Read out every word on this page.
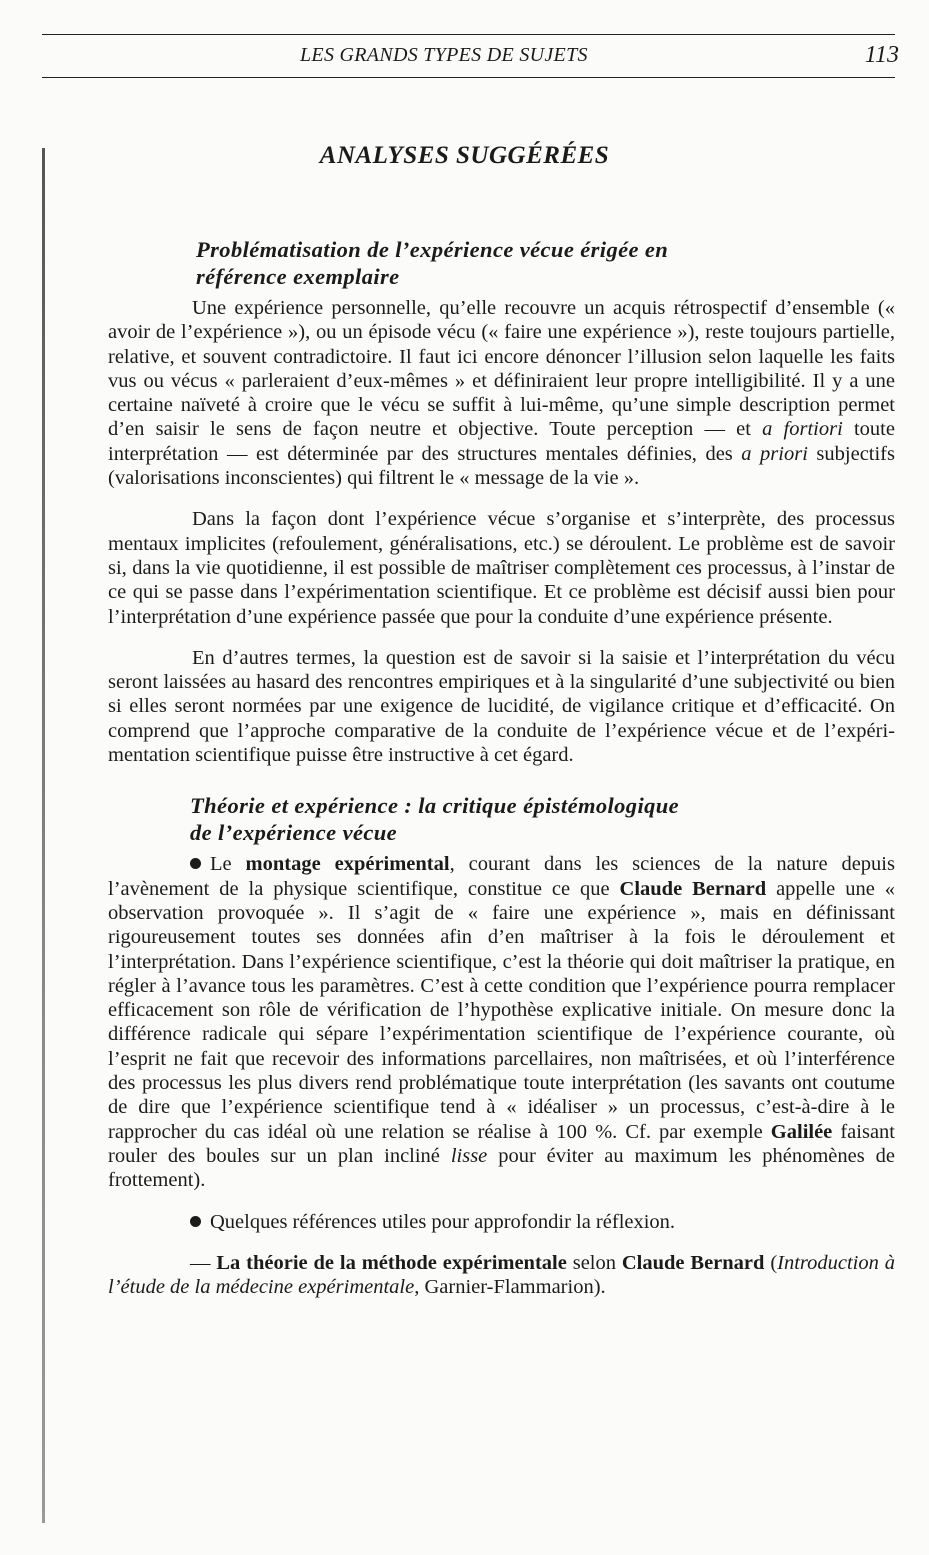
LES GRANDS TYPES DE SUJETS	113
ANALYSES SUGGÉRÉES
Problématisation de l’expérience vécue érigée en
référence exemplaire

Une expérience personnelle, qu’elle recouvre un acquis rétrospectif d’ensemble (« avoir de l’expérience »), ou un épisode vécu (« faire une expérience »), reste toujours partielle, relative, et souvent contradictoire. Il faut ici encore dénoncer l’illusion selon laquelle les faits vus ou vécus « parleraient d’eux-mêmes » et définiraient leur propre intelligibilité. Il y a une certaine naïveté à croire que le vécu se suffit à lui-même, qu’une simple description permet d’en saisir le sens de façon neutre et objective. Toute perception — et a fortiori toute interprétation — est déterminée par des structures mentales définies, des a priori subjectifs (valorisations inconscientes) qui filtrent le « message de la vie ».

Dans la façon dont l’expérience vécue s’organise et s’interprète, des processus mentaux implicites (refoulement, généralisations, etc.) se déroulent. Le problème est de savoir si, dans la vie quotidienne, il est possible de maîtriser complètement ces processus, à l’instar de ce qui se passe dans l’expérimentation scientifique. Et ce problème est décisif aussi bien pour l’interprétation d’une expérience passée que pour la conduite d’une expérience présente.

En d’autres termes, la question est de savoir si la saisie et l’interprétation du vécu seront laissées au hasard des rencontres empiriques et à la singularité d’une subjectivité ou bien si elles seront normées par une exigence de lucidité, de vigilance critique et d’efficacité. On comprend que l’approche comparative de la conduite de l’expérience vécue et de l’expérimentation scientifique puisse être instructive à cet égard.

Théorie et expérience : la critique épistémologique
de l’expérience vécue

Le montage expérimental, courant dans les sciences de la nature depuis l’avènement de la physique scientifique, constitue ce que Claude Bernard appelle une « observation provoquée ». Il s’agit de « faire une expérience », mais en définissant rigoureusement toutes ses données afin d’en maîtriser à la fois le déroulement et l’interprétation. Dans l’expérience scientifique, c’est la théorie qui doit maîtriser la pratique, en régler à l’avance tous les paramètres. C’est à cette condition que l’expérience pourra remplacer efficacement son rôle de vérification de l’hypothèse explicative initiale. On mesure donc la différence radicale qui sépare l’expérimentation scientifique de l’expérience courante, où l’esprit ne fait que recevoir des informations parcellaires, non maîtrisées, et où l’interférence des processus les plus divers rend problématique toute interprétation (les savants ont coutume de dire que l’expérience scientifique tend à « idéaliser » un processus, c’est-à-dire à le rapprocher du cas idéal où une relation se réalise à 100 %. Cf. par exemple Galilée faisant rouler des boules sur un plan incliné lisse pour éviter au maximum les phénomènes de frottement).

Quelques références utiles pour approfondir la réflexion.

— La théorie de la méthode expérimentale selon Claude Bernard (Introduction à l’étude de la médecine expérimentale, Garnier-Flammarion).
